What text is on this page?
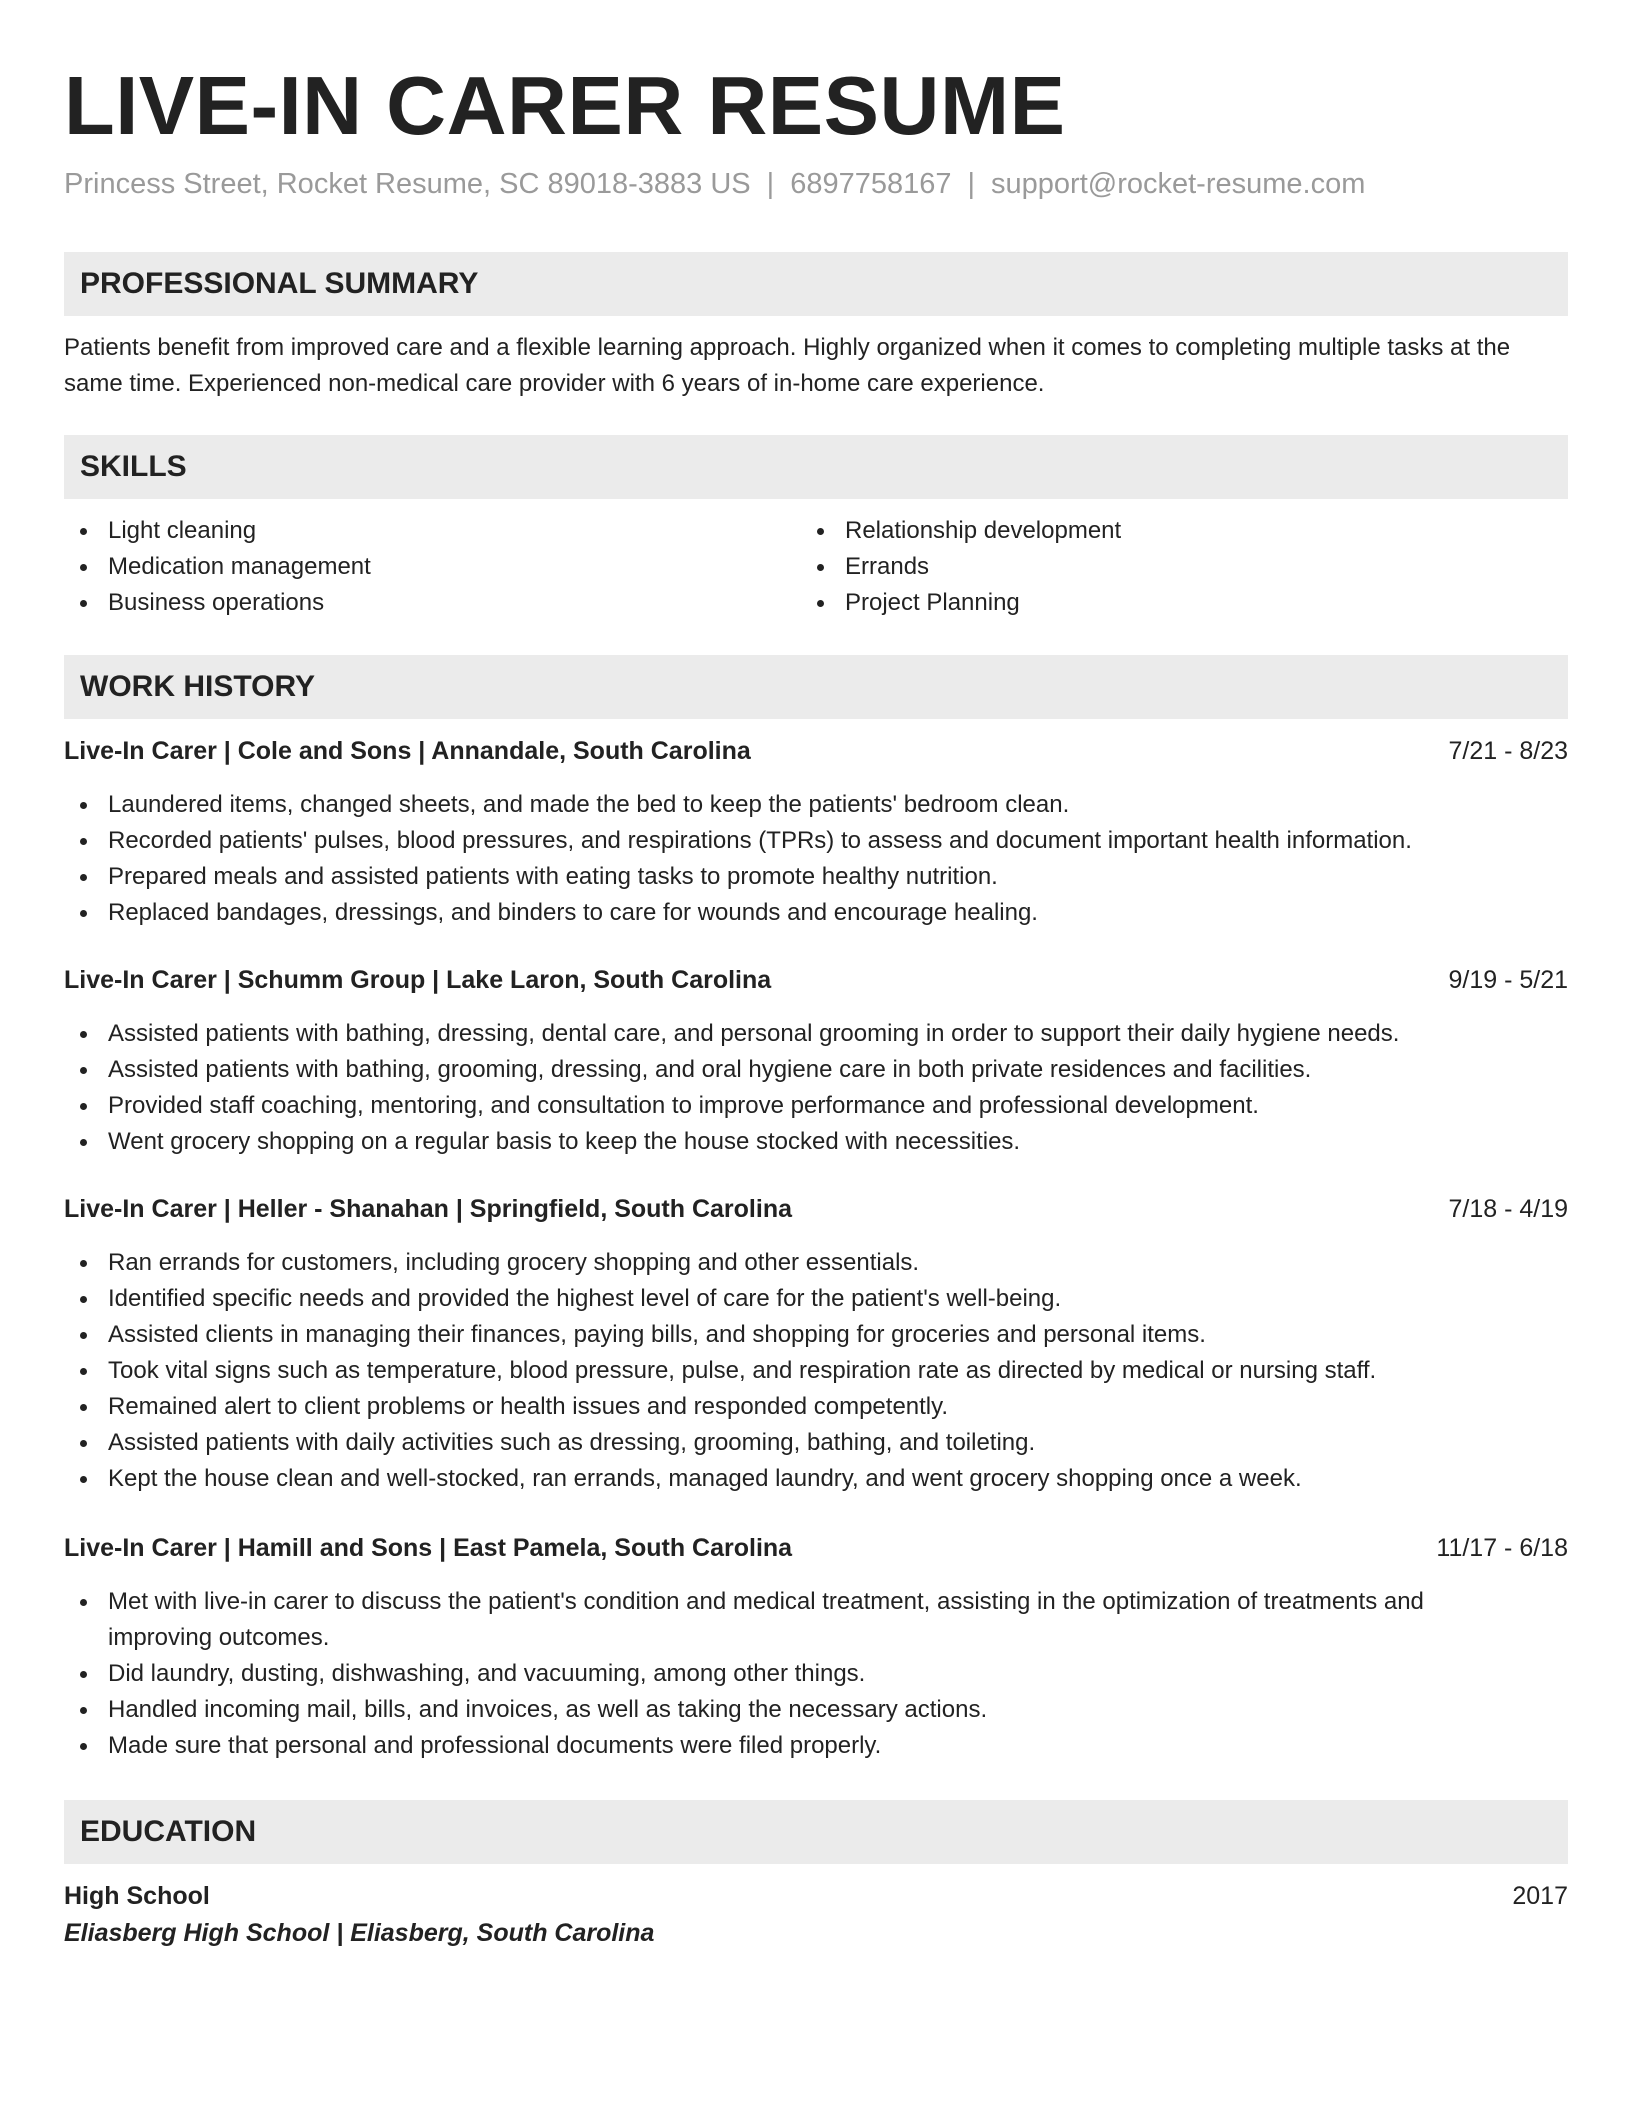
LIVE-IN CARER RESUME
Princess Street, Rocket Resume, SC 89018-3883 US | 6897758167 | support@rocket-resume.com
PROFESSIONAL SUMMARY

Patients benefit from improved care and a flexible learning approach. Highly organized when it comes to completing multiple tasks at the same time. Experienced non-medical care provider with 6 years of in-home care experience.

SKILLS
Light cleaning
Medication management
Business operations
Relationship development
Errands
Project Planning
WORK HISTORY
Live-In Carer | Cole and Sons | Annandale, South Carolina	7/21 - 8/23
Laundered items, changed sheets, and made the bed to keep the patients' bedroom clean.
Recorded patients' pulses, blood pressures, and respirations (TPRs) to assess and document important health information.
Prepared meals and assisted patients with eating tasks to promote healthy nutrition.
Replaced bandages, dressings, and binders to care for wounds and encourage healing.
Live-In Carer | Schumm Group | Lake Laron, South Carolina	9/19 - 5/21
Assisted patients with bathing, dressing, dental care, and personal grooming in order to support their daily hygiene needs.
Assisted patients with bathing, grooming, dressing, and oral hygiene care in both private residences and facilities.
Provided staff coaching, mentoring, and consultation to improve performance and professional development.
Went grocery shopping on a regular basis to keep the house stocked with necessities.
Live-In Carer | Heller - Shanahan | Springfield, South Carolina	7/18 - 4/19
Ran errands for customers, including grocery shopping and other essentials.
Identified specific needs and provided the highest level of care for the patient's well-being.
Assisted clients in managing their finances, paying bills, and shopping for groceries and personal items.
Took vital signs such as temperature, blood pressure, pulse, and respiration rate as directed by medical or nursing staff.
Remained alert to client problems or health issues and responded competently.
Assisted patients with daily activities such as dressing, grooming, bathing, and toileting.
Kept the house clean and well-stocked, ran errands, managed laundry, and went grocery shopping once a week.
Live-In Carer | Hamill and Sons | East Pamela, South Carolina	11/17 - 6/18
Met with live-in carer to discuss the patient's condition and medical treatment, assisting in the optimization of treatments and improving outcomes.
Did laundry, dusting, dishwashing, and vacuuming, among other things.
Handled incoming mail, bills, and invoices, as well as taking the necessary actions.
Made sure that personal and professional documents were filed properly.
EDUCATION
High School	2017
Eliasberg High School | Eliasberg, South Carolina
